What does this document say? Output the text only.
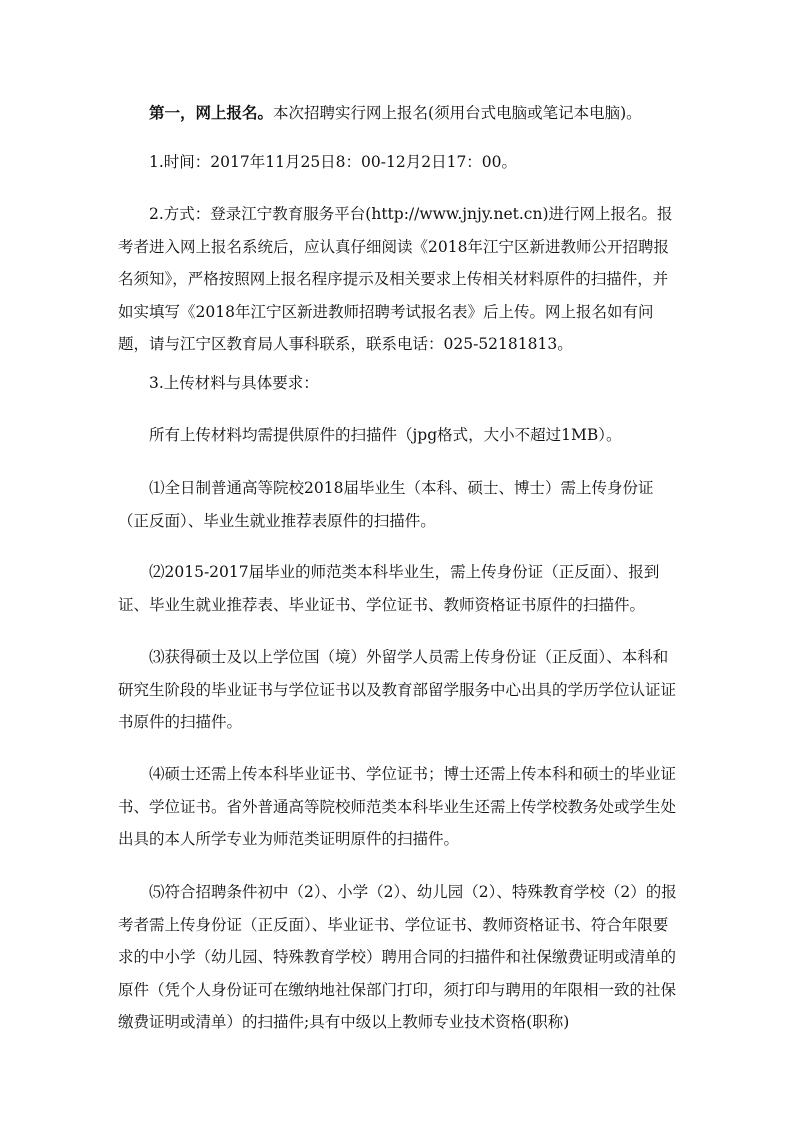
第一，网上报名。本次招聘实行网上报名(须用台式电脑或笔记本电脑)。

1.时间：2017年11月25日8：00-12月2日17：00。

2.方式：登录江宁教育服务平台(http://www.jnjy.net.cn)进行网上报名。报考者进入网上报名系统后，应认真仔细阅读《2018年江宁区新进教师公开招聘报名须知》，严格按照网上报名程序提示及相关要求上传相关材料原件的扫描件，并如实填写《2018年江宁区新进教师招聘考试报名表》后上传。网上报名如有问题，请与江宁区教育局人事科联系，联系电话：025-52181813。

3.上传材料与具体要求：

所有上传材料均需提供原件的扫描件（jpg格式，大小不超过1MB）。

⑴全日制普通高等院校2018届毕业生（本科、硕士、博士）需上传身份证（正反面）、毕业生就业推荐表原件的扫描件。

⑵2015-2017届毕业的师范类本科毕业生，需上传身份证（正反面）、报到证、毕业生就业推荐表、毕业证书、学位证书、教师资格证书原件的扫描件。

⑶获得硕士及以上学位国（境）外留学人员需上传身份证（正反面）、本科和研究生阶段的毕业证书与学位证书以及教育部留学服务中心出具的学历学位认证证书原件的扫描件。

⑷硕士还需上传本科毕业证书、学位证书；博士还需上传本科和硕士的毕业证书、学位证书。省外普通高等院校师范类本科毕业生还需上传学校教务处或学生处出具的本人所学专业为师范类证明原件的扫描件。

⑸符合招聘条件初中（2）、小学（2）、幼儿园（2）、特殊教育学校（2）的报考者需上传身份证（正反面）、毕业证书、学位证书、教师资格证书、符合年限要求的中小学（幼儿园、特殊教育学校）聘用合同的扫描件和社保缴费证明或清单的原件（凭个人身份证可在缴纳地社保部门打印，须打印与聘用的年限相一致的社保缴费证明或清单）的扫描件;具有中级以上教师专业技术资格(职称)
